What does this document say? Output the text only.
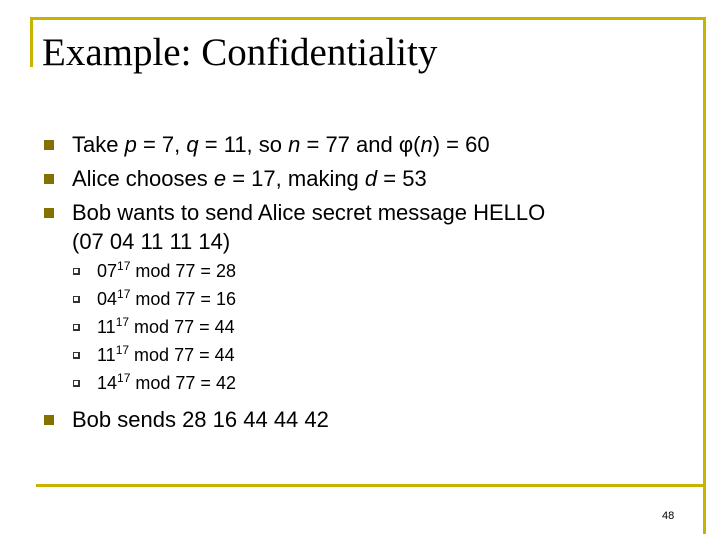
Example: Confidentiality
Take p = 7, q = 11, so n = 77 and φ(n) = 60
Alice chooses e = 17, making d = 53
Bob wants to send Alice secret message HELLO
(07 04 11 11 14)
$07^{17}$ mod 77 = 28
$04^{17}$ mod 77 = 16
$11^{17}$ mod 77 = 44
$11^{17}$ mod 77 = 44
$14^{17}$ mod 77 = 42
Bob sends 28 16 44 44 42
48
